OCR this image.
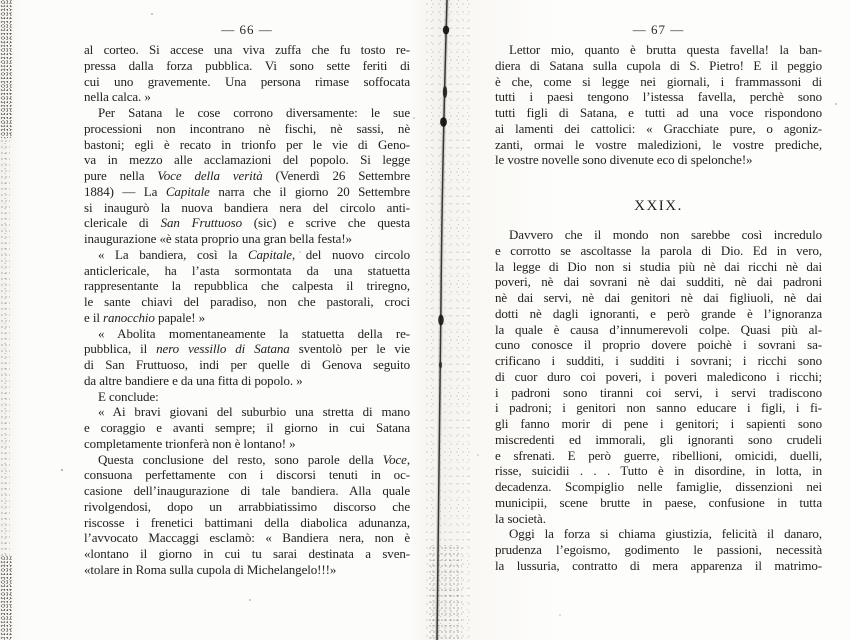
— 66 —
al corteo. Si accese una viva zuffa che fu tosto re-
pressa dalla forza pubblica. Vi sono sette feriti di
cui uno gravemente. Una persona rimase soffocata
nella calca. »
Per Satana le cose corrono diversamente: le sue
processioni non incontrano nè fischi, nè sassi, nè
bastoni; egli è recato in trionfo per le vie di Geno-
va in mezzo alle acclamazioni del popolo. Si legge
pure nella Voce della verità (Venerdì 26 Settembre
1884) — La Capitale narra che il giorno 20 Settembre
si inaugurò la nuova bandiera nera del circolo anti-
clericale di San Fruttuoso (sic) e scrive che questa
inaugurazione «è stata proprio una gran bella festa!»
« La bandiera, così la Capitale, del nuovo circolo
anticlericale, ha l’asta sormontata da una statuetta
rappresentante la repubblica che calpesta il triregno,
le sante chiavi del paradiso, non che pastorali, croci
e il ranocchio papale! »
« Abolita momentaneamente la statuetta della re-
pubblica, il nero vessillo di Satana sventolò per le vie
di San Fruttuoso, indi per quelle di Genova seguito
da altre bandiere e da una fitta di popolo. »
E conclude:
« Ai bravi giovani del suburbio una stretta di mano
e coraggio e avanti sempre; il giorno in cui Satana
completamente trionferà non è lontano! »
Questa conclusione del resto, sono parole della Voce,
consuona perfettamente con i discorsi tenuti in oc-
casione dell’inaugurazione di tale bandiera. Alla quale
rivolgendosi, dopo un arrabbiatissimo discorso che
riscosse i frenetici battimani della diabolica adunanza,
l’avvocato Maccaggi esclamò: « Bandiera nera, non è
«lontano il giorno in cui tu sarai destinata a sven-
«tolare in Roma sulla cupola di Michelangelo!!!»
— 67 —
Lettor mio, quanto è brutta questa favella! la ban-
diera di Satana sulla cupola di S. Pietro! E il peggio
è che, come si legge nei giornali, i frammassoni di
tutti i paesi tengono l’istessa favella, perchè sono
tutti figli di Satana, e tutti ad una voce rispondono
ai lamenti dei cattolici: « Gracchiate pure, o agoniz-
zanti, ormai le vostre maledizioni, le vostre prediche,
le vostre novelle sono divenute eco di spelonche!»
XXIX.
Davvero che il mondo non sarebbe così incredulo
e corrotto se ascoltasse la parola di Dio. Ed in vero,
la legge di Dio non si studia più nè dai ricchi nè dai
poveri, nè dai sovrani nè dai sudditi, nè dai padroni
nè dai servi, nè dai genitori nè dai figliuoli, nè dai
dotti nè dagli ignoranti, e però grande è l’ignoranza
la quale è causa d’innumerevoli colpe. Quasi più al-
cuno conosce il proprio dovere poichè i sovrani sa-
crificano i sudditi, i sudditi i sovrani; i ricchi sono
di cuor duro coi poveri, i poveri maledicono i ricchi;
i padroni sono tiranni coi servi, i servi tradiscono
i padroni; i genitori non sanno educare i figli, i fi-
gli fanno morir di pene i genitori; i sapienti sono
miscredenti ed immorali, gli ignoranti sono crudeli
e sfrenati. E però guerre, ribellioni, omicidi, duelli,
risse, suicidii . . . Tutto è in disordine, in lotta, in
decadenza. Scompiglio nelle famiglie, dissenzioni nei
municipii, scene brutte in paese, confusione in tutta
la società.
Oggi la forza si chiama giustizia, felicità il danaro,
prudenza l’egoismo, godimento le passioni, necessità
la lussuria, contratto di mera apparenza il matrimo-
